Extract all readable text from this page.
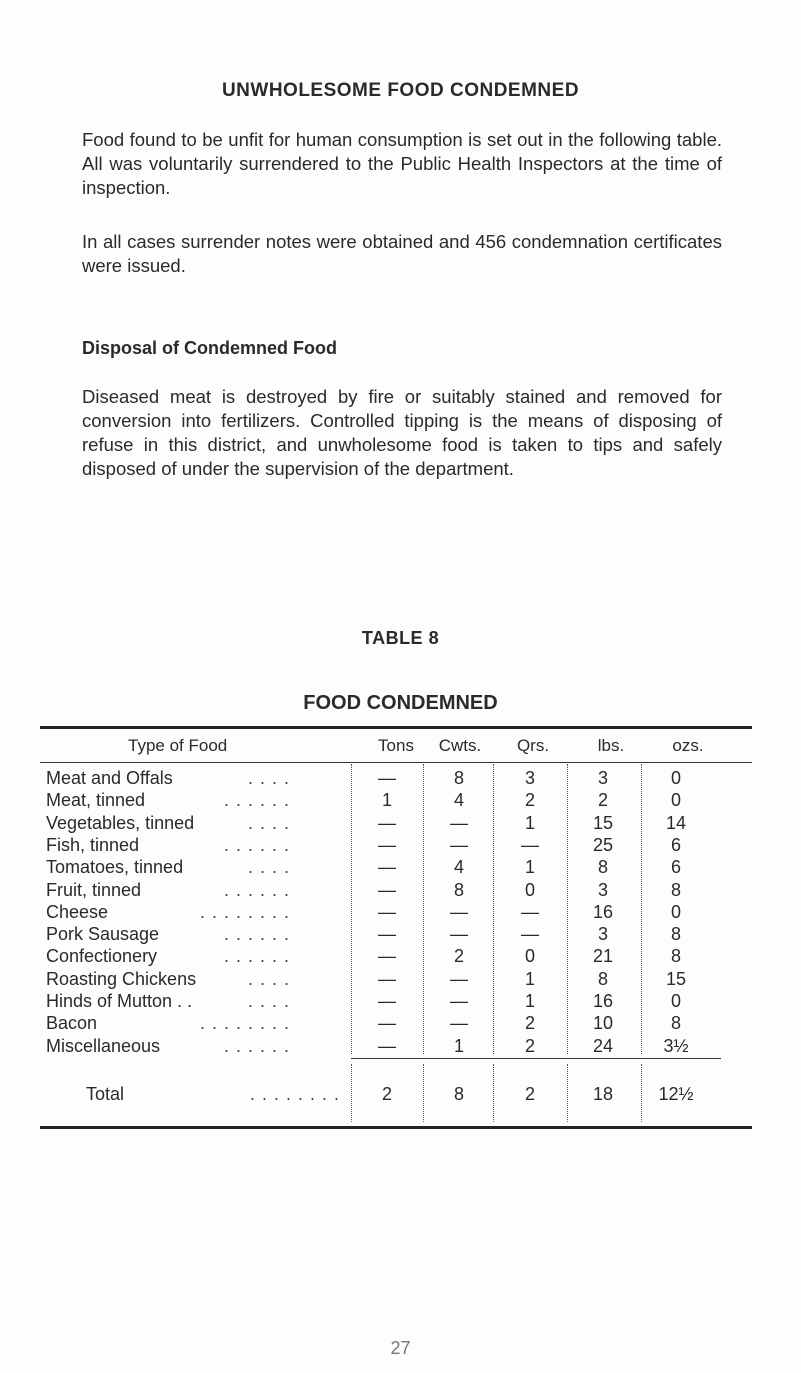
UNWHOLESOME FOOD CONDEMNED

Food found to be unfit for human consumption is set out in the following table. All was voluntarily surrendered to the Public Health Inspectors at the time of inspection.

In all cases surrender notes were obtained and 456 condemnation certificates were issued.

Disposal of Condemned Food

Diseased meat is destroyed by fire or suitably stained and removed for conversion into fertilizers. Controlled tipping is the means of disposing of refuse in this district, and unwholesome food is taken to tips and safely disposed of under the supervision of the department.

TABLE 8
FOOD CONDEMNED
Type of Food	Tons	Cwts.	Qrs.	lbs.	ozs.
Meat and Offals	. . . .	—	8	3	3	0
Meat, tinned	. . . . . .	1	4	2	2	0
Vegetables, tinned	. . . .	—	—	1	15	14
Fish, tinned	. . . . . .	—	—	—	25	6
Tomatoes, tinned	. . . .	—	4	1	8	6
Fruit, tinned	. . . . . .	—	8	0	3	8
Cheese	. . . . . . . .	—	—	—	16	0
Pork Sausage	. . . . . .	—	—	—	3	8
Confectionery	. . . . . .	—	2	0	21	8
Roasting Chickens	. . . .	—	—	1	8	15
Hinds of Mutton . .	. . . .	—	—	1	16	0
Bacon	. . . . . . . .	—	—	2	10	8
Miscellaneous	. . . . . .	—	1	2	24	3½
Total	. . . . . . . .	2	8	2	18	12½
27
